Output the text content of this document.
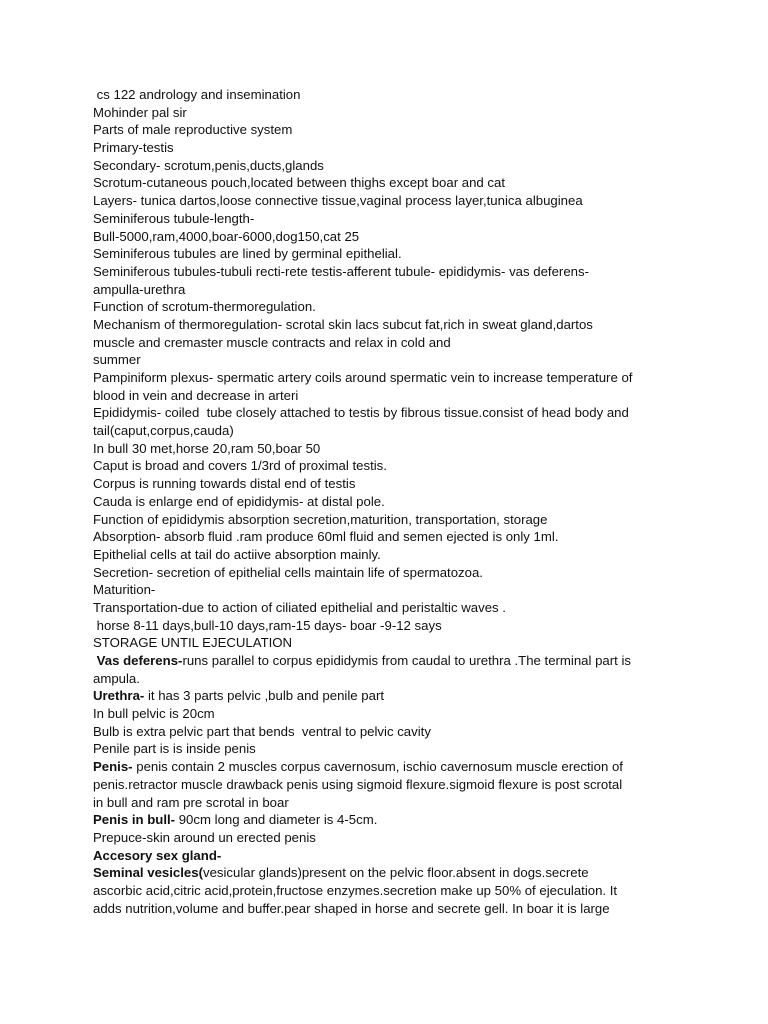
cs 122 andrology and insemination
Mohinder pal sir
Parts of male reproductive system
Primary-testis
Secondary- scrotum,penis,ducts,glands
Scrotum-cutaneous pouch,located between thighs except boar and cat
Layers- tunica dartos,loose connective tissue,vaginal process layer,tunica albuginea
Seminiferous tubule-length-
Bull-5000,ram,4000,boar-6000,dog150,cat 25
Seminiferous tubules are lined by germinal epithelial.
Seminiferous tubules-tubuli recti-rete testis-afferent tubule- epididymis- vas deferens-
ampulla-urethra
Function of scrotum-thermoregulation.
Mechanism of thermoregulation- scrotal skin lacs subcut fat,rich in sweat gland,dartos
muscle and cremaster muscle contracts and relax in cold and
summer
Pampiniform plexus- spermatic artery coils around spermatic vein to increase temperature of
blood in vein and decrease in arteri
Epididymis- coiled  tube closely attached to testis by fibrous tissue.consist of head body and
tail(caput,corpus,cauda)
In bull 30 met,horse 20,ram 50,boar 50
Caput is broad and covers 1/3rd of proximal testis.
Corpus is running towards distal end of testis
Cauda is enlarge end of epididymis- at distal pole.
Function of epididymis absorption secretion,maturition, transportation, storage
Absorption- absorb fluid .ram produce 60ml fluid and semen ejected is only 1ml.
Epithelial cells at tail do actiive absorption mainly.
Secretion- secretion of epithelial cells maintain life of spermatozoa.
Maturition-
Transportation-due to action of ciliated epithelial and peristaltic waves .
horse 8-11 days,bull-10 days,ram-15 days- boar -9-12 says
STORAGE UNTIL EJECULATION
Vas deferens-runs parallel to corpus epididymis from caudal to urethra .The terminal part is
ampula.
Urethra- it has 3 parts pelvic ,bulb and penile part
In bull pelvic is 20cm
Bulb is extra pelvic part that bends  ventral to pelvic cavity
Penile part is is inside penis
Penis- penis contain 2 muscles corpus cavernosum, ischio cavernosum muscle erection of
penis.retractor muscle drawback penis using sigmoid flexure.sigmoid flexure is post scrotal
in bull and ram pre scrotal in boar
Penis in bull- 90cm long and diameter is 4-5cm.
Prepuce-skin around un erected penis
Accesory sex gland-
Seminal vesicles(vesicular glands)present on the pelvic floor.absent in dogs.secrete
ascorbic acid,citric acid,protein,fructose enzymes.secretion make up 50% of ejeculation. It
adds nutrition,volume and buffer.pear shaped in horse and secrete gell. In boar it is large
